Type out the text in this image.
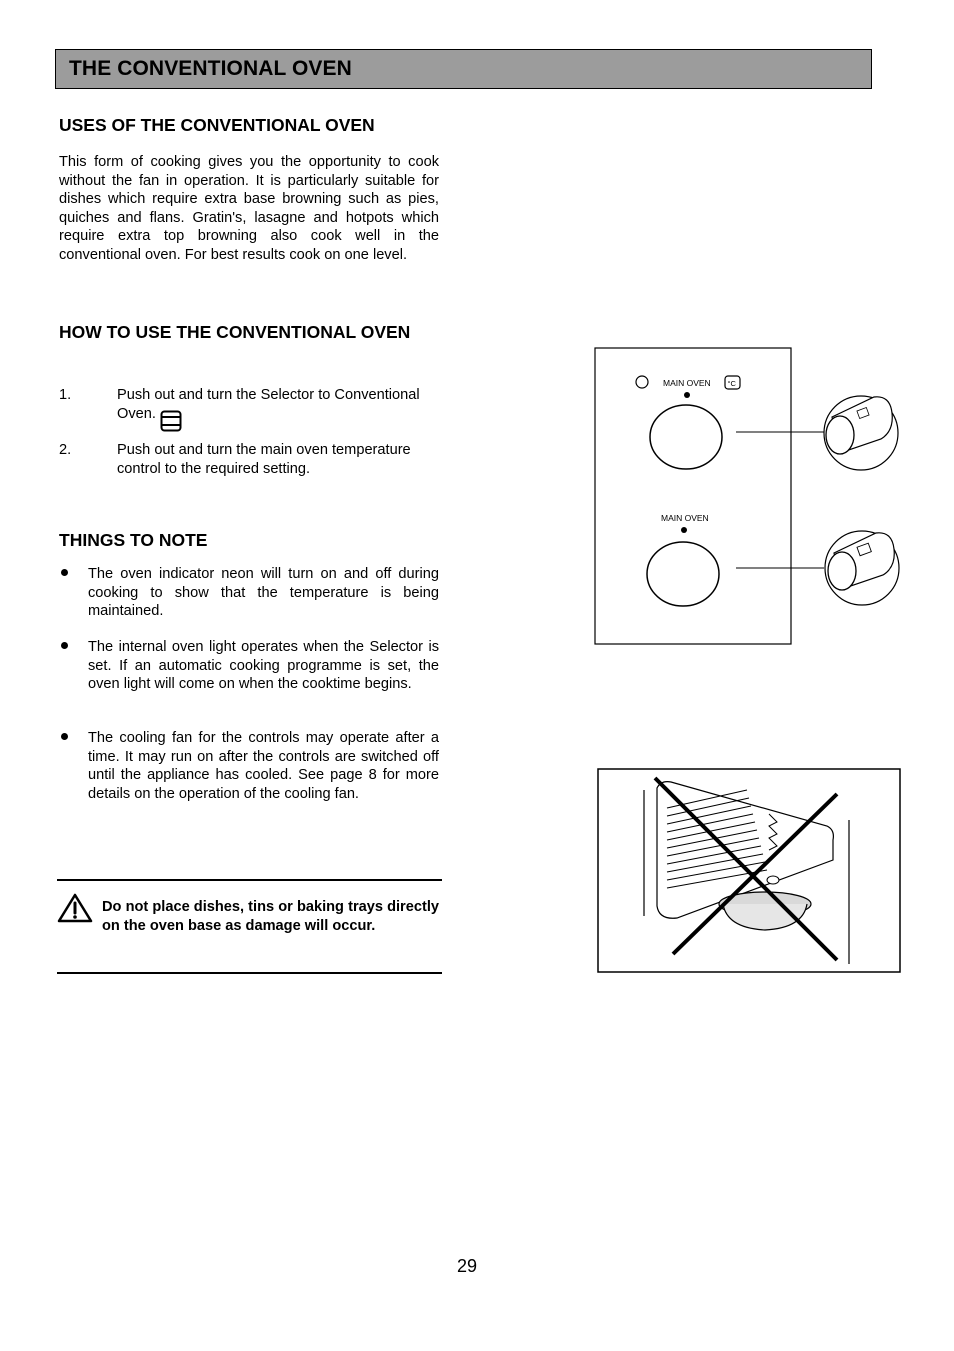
THE CONVENTIONAL OVEN
USES OF THE CONVENTIONAL OVEN
This form of cooking gives you the opportunity to cook without the fan in operation. It is particularly suitable for dishes which require extra base browning such as pies, quiches and flans. Gratin's, lasagne and hotpots which require extra top browning also cook well in the conventional oven. For best results cook on one level.
HOW TO USE THE CONVENTIONAL OVEN
1.	Push out and turn the Selector to Conventional Oven.
2.	Push out and turn the main oven temperature control to the required setting.
THINGS TO NOTE
The oven indicator neon will turn on and off during cooking to show that the temperature is being maintained.
The internal oven light operates when the Selector is set. If an automatic cooking programme is set, the oven light will come on when the cooktime begins.
The cooling fan for the controls may operate after a time. It may run on after the controls are switched off until the appliance has cooled. See page 8 for more details on the operation of the cooling fan.
Do not place dishes, tins or baking trays directly on the oven base as damage will occur.
MAIN OVEN °C
MAIN OVEN
29
